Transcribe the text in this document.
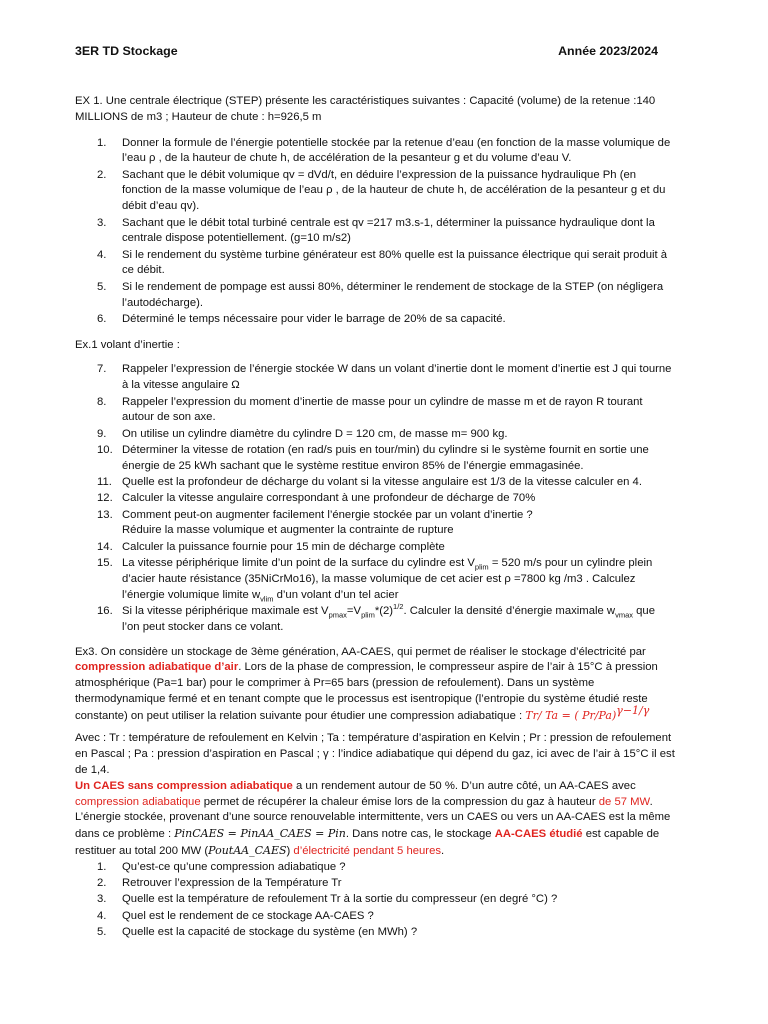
3ER TD Stockage	Année 2023/2024

EX 1. Une centrale électrique (STEP) présente les caractéristiques suivantes : Capacité (volume) de la retenue :140 MILLIONS de m3 ; Hauteur de chute : h=926,5 m

1. Donner la formule de l’énergie potentielle stockée par la retenue d’eau (en fonction de la masse volumique de l’eau ρ , de la hauteur de chute h, de accélération de la pesanteur g et du volume d’eau V.
2. Sachant que le débit volumique qv = dVd/t, en déduire l’expression de la puissance hydraulique Ph (en fonction de la masse volumique de l’eau ρ , de la hauteur de chute h, de accélération de la pesanteur g et du débit d’eau qv).
3. Sachant que le débit total turbiné centrale est qv =217 m3.s-1, déterminer la puissance hydraulique dont la centrale dispose potentiellement. (g=10 m/s2)
4. Si le rendement du système turbine générateur est 80% quelle est la puissance électrique qui serait produit à ce débit.
5. Si le rendement de pompage est aussi 80%, déterminer le rendement de stockage de la STEP (on négligera l’autodécharge).
6. Déterminé le temps nécessaire pour vider le barrage de 20% de sa capacité.

Ex.1 volant d’inertie :

7. Rappeler l’expression de l’énergie stockée W dans un volant d’inertie dont le moment d’inertie est J qui tourne à la vitesse angulaire Ω
8. Rappeler l’expression du moment d’inertie de masse pour un cylindre de masse m et de rayon R tourant autour de son axe.
9. On utilise un cylindre diamètre du cylindre D = 120 cm, de masse m= 900 kg.
10. Déterminer la vitesse de rotation (en rad/s puis en tour/min) du cylindre si le système fournit en sortie une énergie de 25 kWh sachant que le système restitue environ 85% de l’énergie emmagasinée.
11. Quelle est la profondeur de décharge du volant si la vitesse angulaire est 1/3 de la vitesse calculer en 4.
12. Calculer la vitesse angulaire correspondant à une profondeur de décharge de 70%
13. Comment peut-on augmenter facilement l’énergie stockée par un volant d’inertie ?
Réduire la masse volumique et augmenter la contrainte de rupture
14. Calculer la puissance fournie pour 15 min de décharge complète
15. La vitesse périphérique limite d’un point de la surface du cylindre est $V_{plim} = 520$ m/s pour un cylindre plein d’acier haute résistance (35NiCrMo16), la masse volumique de cet acier est ρ =7800 kg /m3 . Calculez l’énergie volumique limite $w_{vlim}$ d’un volant d’un tel acier
16. Si la vitesse périphérique maximale est $V_{pmax}=V_{plim}*(2)^{1/2}$. Calculer la densité d’énergie maximale $w_{vmax}$ que l’on peut stocker dans ce volant.

Ex3. On considère un stockage de 3ème génération, AA-CAES, qui permet de réaliser le stockage d’électricité par compression adiabatique d’air. Lors de la phase de compression, le compresseur aspire de l’air à 15°C à pression atmosphérique (Pa=1 bar) pour le comprimer à Pr=65 bars (pression de refoulement). Dans un système thermodynamique fermé et en tenant compte que le processus est isentropique (l’entropie du système étudié reste constante) on peut utiliser la relation suivante pour étudier une compression adiabatique : Tr/ Ta = ( Pr/Pa)$^{\gamma-1/\gamma}$

Avec : Tr : température de refoulement en Kelvin ; Ta : température d’aspiration en Kelvin ; Pr : pression de refoulement en Pascal ; Pa : pression d’aspiration en Pascal ; γ : l’indice adiabatique qui dépend du gaz, ici avec de l’air à 15°C il est de 1,4.

Un CAES sans compression adiabatique a un rendement autour de 50 %. D’un autre côté, un AA-CAES avec compression adiabatique permet de récupérer la chaleur émise lors de la compression du gaz à hauteur de 57 MW. L’énergie stockée, provenant d’une source renouvelable intermittente, vers un CAES ou vers un AA-CAES est la même dans ce problème : PinCAES = PinAA_CAES = Pin. Dans notre cas, le stockage AA-CAES étudié est capable de restituer au total 200 MW (PoutAA_CAES) d’électricité pendant 5 heures.

1. Qu’est-ce qu’une compression adiabatique ?
2. Retrouver l’expression de la Température Tr
3. Quelle est la température de refoulement Tr à la sortie du compresseur (en degré °C) ?
4. Quel est le rendement de ce stockage AA-CAES ?
5. Quelle est la capacité de stockage du système (en MWh) ?
